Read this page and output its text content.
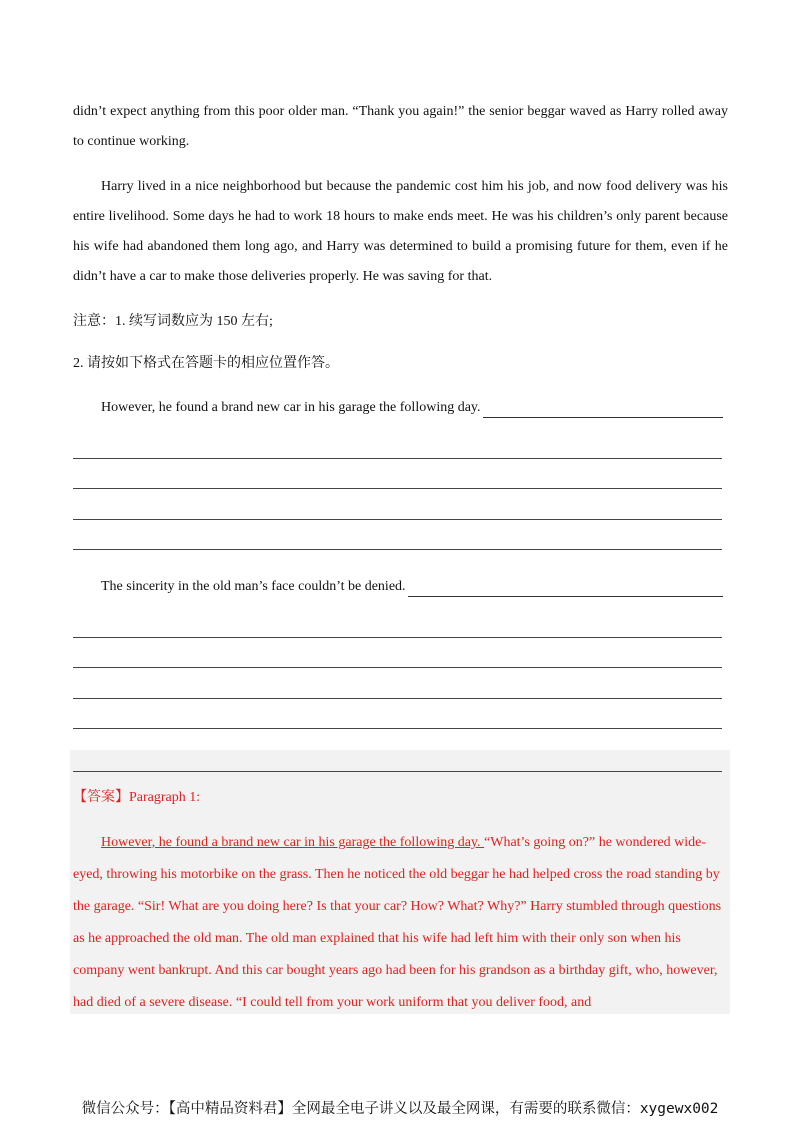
didn’t expect anything from this poor older man. “Thank you again!” the senior beggar waved as Harry rolled away to continue working.

Harry lived in a nice neighborhood but because the pandemic cost him his job, and now food delivery was his entire livelihood. Some days he had to work 18 hours to make ends meet. He was his children’s only parent because his wife had abandoned them long ago, and Harry was determined to build a promising future for them, even if he didn’t have a car to make those deliveries properly. He was saving for that.

注意：1. 续写词数应为 150 左右;

2. 请按如下格式在答题卡的相应位置作答。

However, he found a brand new car in his garage the following day.
The sincerity in the old man’s face couldn’t be denied.
【答案】Paragraph 1:

However, he found a brand new car in his garage the following day. “What’s going on?” he wondered wide-eyed, throwing his motorbike on the grass. Then he noticed the old beggar he had helped cross the road standing by the garage. “Sir! What are you doing here? Is that your car? How? What? Why?” Harry stumbled through questions as he approached the old man. The old man explained that his wife had left him with their only son when his company went bankrupt. And this car bought years ago had been for his grandson as a birthday gift, who, however, had died of a severe disease. “I could tell from your work uniform that you deliver food, and

微信公众号：【高中精品资料君】全网最全电子讲义以及最全网课，有需要的联系微信：xygewx002
